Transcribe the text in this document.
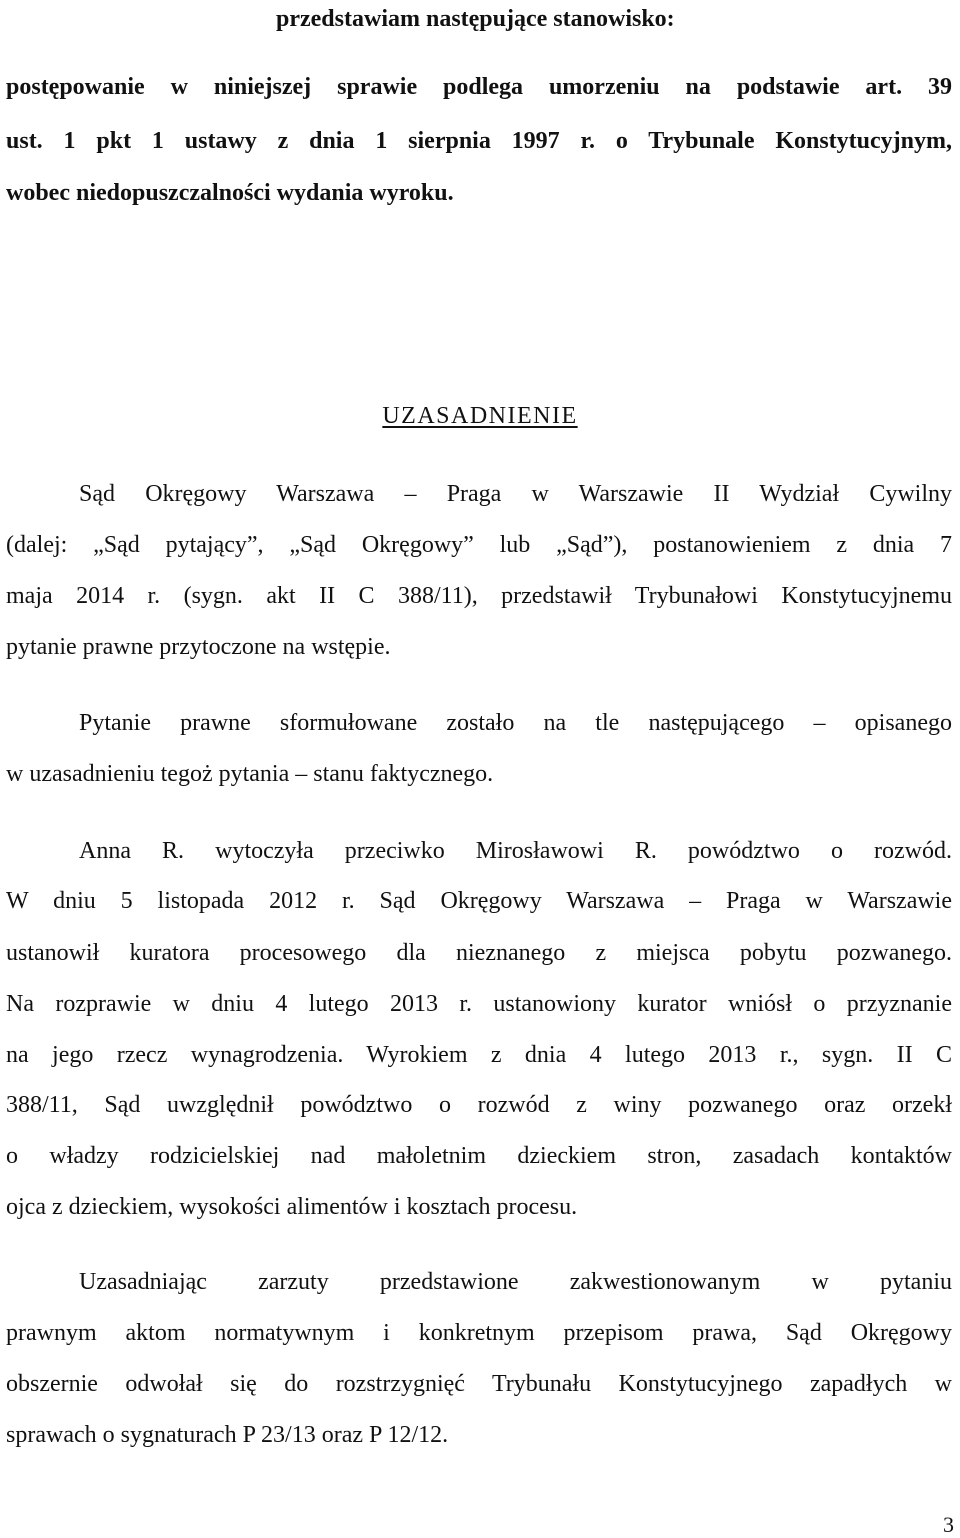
przedstawiam następujące stanowisko:
postępowanie w niniejszej sprawie podlega umorzeniu na podstawie art. 39
ust. 1 pkt 1 ustawy z dnia 1 sierpnia 1997 r. o Trybunale Konstytucyjnym,
wobec niedopuszczalności wydania wyroku.
UZASADNIENIE
Sąd Okręgowy Warszawa – Praga w Warszawie II Wydział Cywilny
(dalej: „Sąd pytający”, „Sąd Okręgowy” lub „Sąd”), postanowieniem z dnia 7
maja 2014 r. (sygn. akt II C 388/11), przedstawił Trybunałowi Konstytucyjnemu
pytanie prawne przytoczone na wstępie.
Pytanie prawne sformułowane zostało na tle następującego – opisanego
w uzasadnieniu tegoż pytania – stanu faktycznego.
Anna R. wytoczyła przeciwko Mirosławowi R. powództwo o rozwód.
W dniu 5 listopada 2012 r. Sąd Okręgowy Warszawa – Praga w Warszawie
ustanowił kuratora procesowego dla nieznanego z miejsca pobytu pozwanego.
Na rozprawie w dniu 4 lutego 2013 r. ustanowiony kurator wniósł o przyznanie
na jego rzecz wynagrodzenia. Wyrokiem z dnia 4 lutego 2013 r., sygn. II C
388/11, Sąd uwzględnił powództwo o rozwód z winy pozwanego oraz orzekł
o władzy rodzicielskiej nad małoletnim dzieckiem stron, zasadach kontaktów
ojca z dzieckiem, wysokości alimentów i kosztach procesu.
Uzasadniając zarzuty przedstawione zakwestionowanym w pytaniu
prawnym aktom normatywnym i konkretnym przepisom prawa, Sąd Okręgowy
obszernie odwołał się do rozstrzygnięć Trybunału Konstytucyjnego zapadłych w
sprawach o sygnaturach P 23/13 oraz P 12/12.
3
